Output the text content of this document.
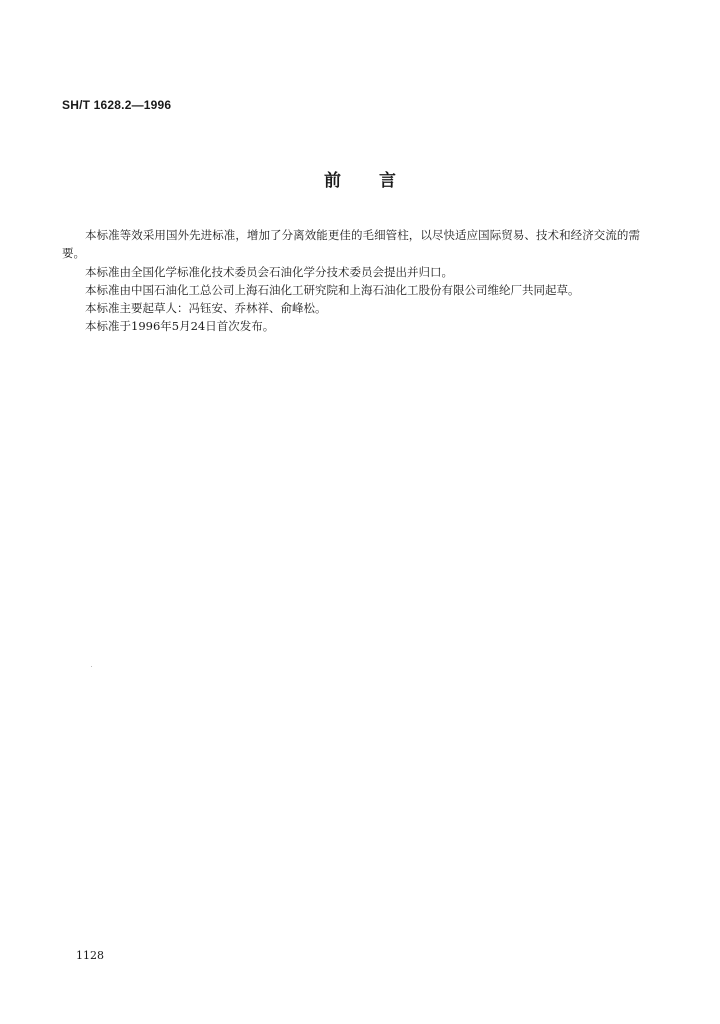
SH/T 1628.2—1996
前 言

本标准等效采用国外先进标准，增加了分离效能更佳的毛细管柱，以尽快适应国际贸易、技术和经济交流的需要。

本标准由全国化学标准化技术委员会石油化学分技术委员会提出并归口。

本标准由中国石油化工总公司上海石油化工研究院和上海石油化工股份有限公司维纶厂共同起草。

本标准主要起草人：冯钰安、乔林祥、俞峰松。

本标准于1996年5月24日首次发布。

1128
